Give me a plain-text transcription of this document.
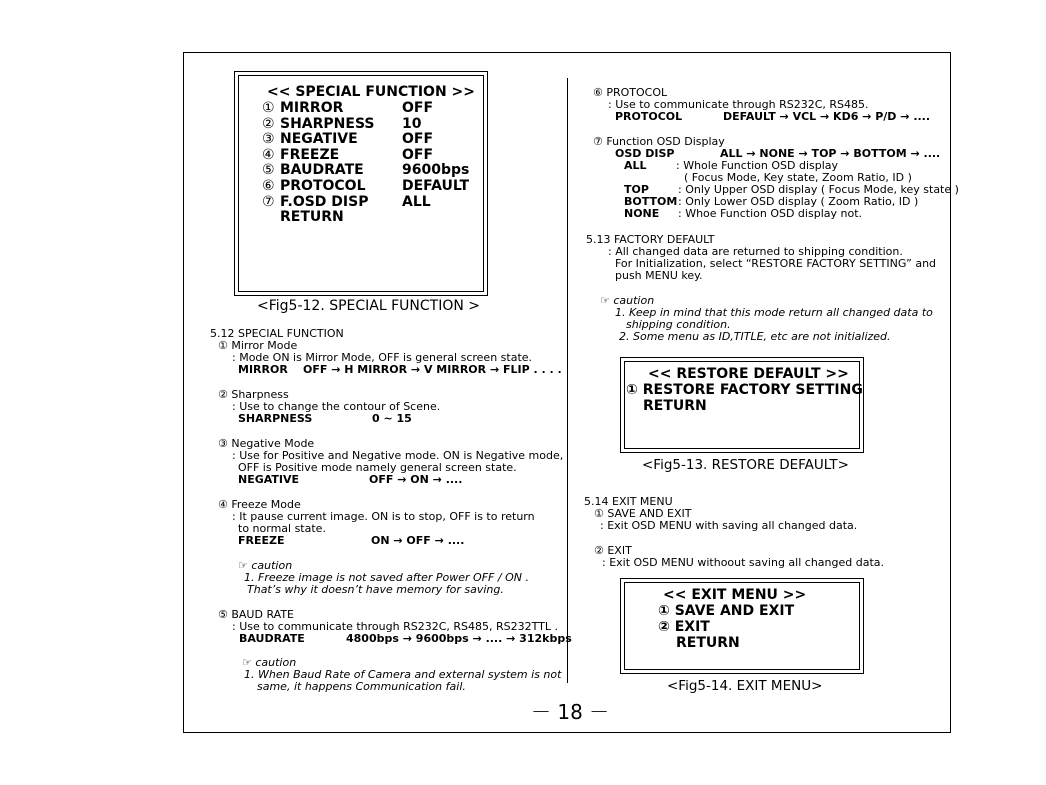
<< SPECIAL FUNCTION >>
① MIRROR	OFF
② SHARPNESS 10
③ NEGATIVE	OFF
④ FREEZE	OFF
⑤ BAUDRATE	9600bps
⑥ PROTOCOL	DEFAULT
⑦ F.OSD DISP ALL
RETURN
<Fig5-12. SPECIAL FUNCTION >
5.12 SPECIAL FUNCTION
① Mirror Mode
: Mode ON is Mirror Mode, OFF is general screen state.
MIRROR OFF → H MIRROR → V MIRROR → FLIP . . . .
② Sharpness
: Use to change the contour of Scene.
SHARPNESS	0 ~ 15
③ Negative Mode
: Use for Positive and Negative mode. ON is Negative mode,
OFF is Positive mode namely general screen state.
NEGATIVE	OFF → ON → ....
④ Freeze Mode
: It pause current image. ON is to stop, OFF is to return
to normal state.
FREEZE	ON → OFF → ....
☞ caution
1. Freeze image is not saved after Power OFF / ON .
That’s why it doesn’t have memory for saving.
⑤ BAUD RATE
: Use to communicate through RS232C, RS485, RS232TTL .
BAUDRATE	4800bps → 9600bps → .... → 312kbps
☞ caution
1. When Baud Rate of Camera and external system is not
same, it happens Communication fail.
⑥ PROTOCOL
: Use to communicate through RS232C, RS485.
PROTOCOL	DEFAULT → VCL → KD6 → P/D → ....
⑦ Function OSD Display
OSD DISP	ALL → NONE → TOP → BOTTOM → ....
ALL	: Whole Function OSD display
( Focus Mode, Key state, Zoom Ratio, ID )
TOP	: Only Upper OSD display ( Focus Mode, key state )
BOTTOM : Only Lower OSD display ( Zoom Ratio, ID )
NONE : Whoe Function OSD display not.
5.13 FACTORY DEFAULT
: All changed data are returned to shipping condition.
For Initialization, select “RESTORE FACTORY SETTING” and
push MENU key.
☞ caution
1. Keep in mind that this mode return all changed data to
shipping condition.
2. Some menu as ID,TITLE, etc are not initialized.
<< RESTORE DEFAULT >>
① RESTORE FACTORY SETTING
RETURN
<Fig5-13. RESTORE DEFAULT>
5.14 EXIT MENU
① SAVE AND EXIT
: Exit OSD MENU with saving all changed data.
② EXIT
: Exit OSD MENU withoout saving all changed data.
<< EXIT MENU >>
① SAVE AND EXIT
② EXIT
RETURN
<Fig5-14. EXIT MENU>
－ 18 －
